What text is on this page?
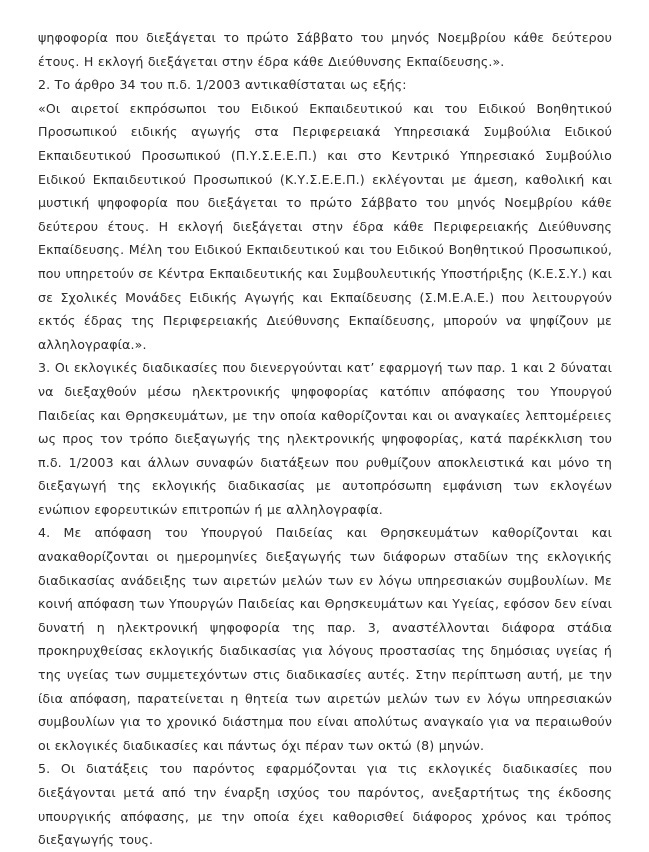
ψηφοφορία που διεξάγεται το πρώτο Σάββατο του μηνός Νοεμβρίου κάθε δεύτερου έτους. Η εκλογή διεξάγεται στην έδρα κάθε Διεύθυνσης Εκπαίδευσης.».

2. Το άρθρο 34 του π.δ. 1/2003 αντικαθίσταται ως εξής:

«Οι αιρετοί εκπρόσωποι του Ειδικού Εκπαιδευτικού και του Ειδικού Βοηθητικού Προσωπικού ειδικής αγωγής στα Περιφερειακά Υπηρεσιακά Συμβούλια Ειδικού Εκπαιδευτικού Προσωπικού (Π.Υ.Σ.Ε.Ε.Π.) και στο Κεντρικό Υπηρεσιακό Συμβούλιο Ειδικού Εκπαιδευτικού Προσωπικού (Κ.Υ.Σ.Ε.Ε.Π.) εκλέγονται με άμεση, καθολική και μυστική ψηφοφορία που διεξάγεται το πρώτο Σάββατο του μηνός Νοεμβρίου κάθε δεύτερου έτους. Η εκλογή διεξάγεται στην έδρα κάθε Περιφερειακής Διεύθυνσης Εκπαίδευσης. Μέλη του Ειδικού Εκπαιδευτικού και του Ειδικού Βοηθητικού Προσωπικού, που υπηρετούν σε Κέντρα Εκπαιδευτικής και Συμβουλευτικής Υποστήριξης (Κ.Ε.Σ.Υ.) και σε Σχολικές Μονάδες Ειδικής Αγωγής και Εκπαίδευσης (Σ.Μ.Ε.Α.Ε.) που λειτουργούν εκτός έδρας της Περιφερειακής Διεύθυνσης Εκπαίδευσης, μπορούν να ψηφίζουν με αλληλογραφία.».

3. Οι εκλογικές διαδικασίες που διενεργούνται κατ’ εφαρμογή των παρ. 1 και 2 δύναται να διεξαχθούν μέσω ηλεκτρονικής ψηφοφορίας κατόπιν απόφασης του Υπουργού Παιδείας και Θρησκευμάτων, με την οποία καθορίζονται και οι αναγκαίες λεπτομέρειες ως προς τον τρόπο διεξαγωγής της ηλεκτρονικής ψηφοφορίας, κατά παρέκκλιση του π.δ. 1/2003 και άλλων συναφών διατάξεων που ρυθμίζουν αποκλειστικά και μόνο τη διεξαγωγή της εκλογικής διαδικασίας με αυτοπρόσωπη εμφάνιση των εκλογέων ενώπιον εφορευτικών επιτροπών ή με αλληλογραφία.

4. Με απόφαση του Υπουργού Παιδείας και Θρησκευμάτων καθορίζονται και ανακαθορίζονται οι ημερομηνίες διεξαγωγής των διάφορων σταδίων της εκλογικής διαδικασίας ανάδειξης των αιρετών μελών των εν λόγω υπηρεσιακών συμβουλίων. Με κοινή απόφαση των Υπουργών Παιδείας και Θρησκευμάτων και Υγείας, εφόσον δεν είναι δυνατή η ηλεκτρονική ψηφοφορία της παρ. 3, αναστέλλονται διάφορα στάδια προκηρυχθείσας εκλογικής διαδικασίας για λόγους προστασίας της δημόσιας υγείας ή της υγείας των συμμετεχόντων στις διαδικασίες αυτές. Στην περίπτωση αυτή, με την ίδια απόφαση, παρατείνεται η θητεία των αιρετών μελών των εν λόγω υπηρεσιακών συμβουλίων για το χρονικό διάστημα που είναι απολύτως αναγκαίο για να περαιωθούν οι εκλογικές διαδικασίες και πάντως όχι πέραν των οκτώ (8) μηνών.

5. Οι διατάξεις του παρόντος εφαρμόζονται για τις εκλογικές διαδικασίες που διεξάγονται μετά από την έναρξη ισχύος του παρόντος, ανεξαρτήτως της έκδοσης υπουργικής απόφασης, με την οποία έχει καθορισθεί διάφορος χρόνος και τρόπος διεξαγωγής τους.
